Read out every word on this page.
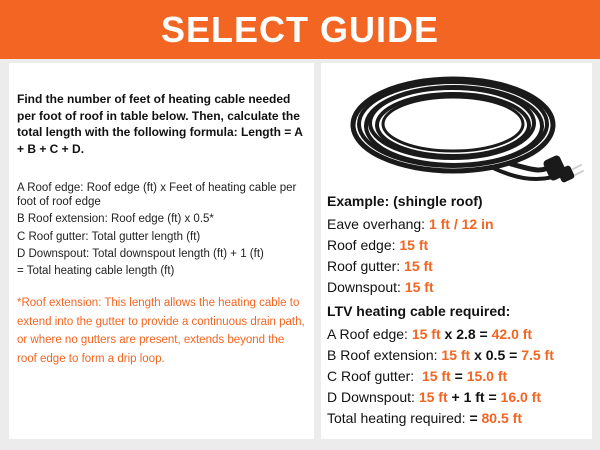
SELECT GUIDE

Find the number of feet of heating cable needed per foot of roof in table below. Then, calculate the total length with the following formula: Length = A + B + C + D.

A Roof edge: Roof edge (ft) x Feet of heating cable per foot of roof edge
B Roof extension: Roof edge (ft) x 0.5*
C Roof gutter: Total gutter length (ft)
D Downspout: Total downspout length (ft) + 1 (ft)
= Total heating cable length (ft)
*Roof extension: This length allows the heating cable to extend into the gutter to provide a continuous drain path, or where no gutters are present, extends beyond the roof edge to form a drip loop.
Example: (shingle roof)
Eave overhang: 1 ft / 12 in
Roof edge: 15 ft
Roof gutter: 15 ft
Downspout: 15 ft
LTV heating cable required:
A Roof edge: 15 ft x 2.8 = 42.0 ft
B Roof extension: 15 ft x 0.5 = 7.5 ft
C Roof gutter:  15 ft = 15.0 ft
D Downspout: 15 ft + 1 ft = 16.0 ft
Total heating required: = 80.5 ft
